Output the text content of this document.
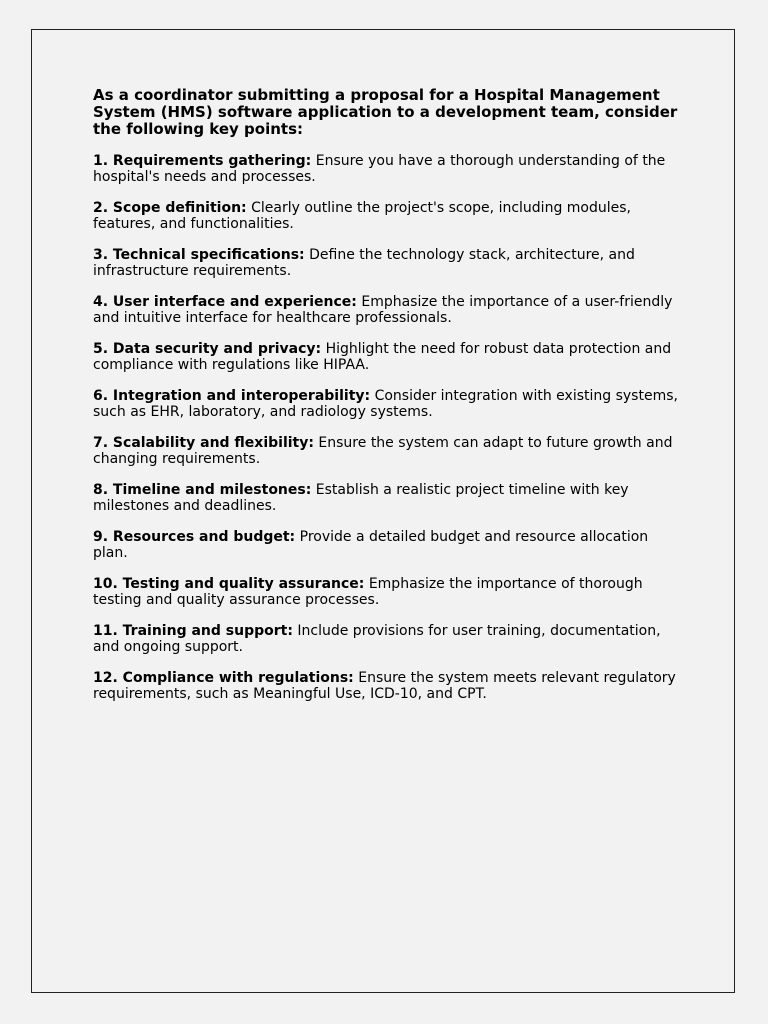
As a coordinator submitting a proposal for a Hospital Management System (HMS) software application to a development team, consider the following key points:

1. Requirements gathering: Ensure you have a thorough understanding of the hospital's needs and processes.

2. Scope definition: Clearly outline the project's scope, including modules, features, and functionalities.

3. Technical specifications: Define the technology stack, architecture, and infrastructure requirements.

4. User interface and experience: Emphasize the importance of a user-friendly and intuitive interface for healthcare professionals.

5. Data security and privacy: Highlight the need for robust data protection and compliance with regulations like HIPAA.

6. Integration and interoperability: Consider integration with existing systems, such as EHR, laboratory, and radiology systems.

7. Scalability and flexibility: Ensure the system can adapt to future growth and changing requirements.

8. Timeline and milestones: Establish a realistic project timeline with key milestones and deadlines.

9. Resources and budget: Provide a detailed budget and resource allocation plan.

10. Testing and quality assurance: Emphasize the importance of thorough testing and quality assurance processes.

11. Training and support: Include provisions for user training, documentation, and ongoing support.

12. Compliance with regulations: Ensure the system meets relevant regulatory requirements, such as Meaningful Use, ICD-10, and CPT.
